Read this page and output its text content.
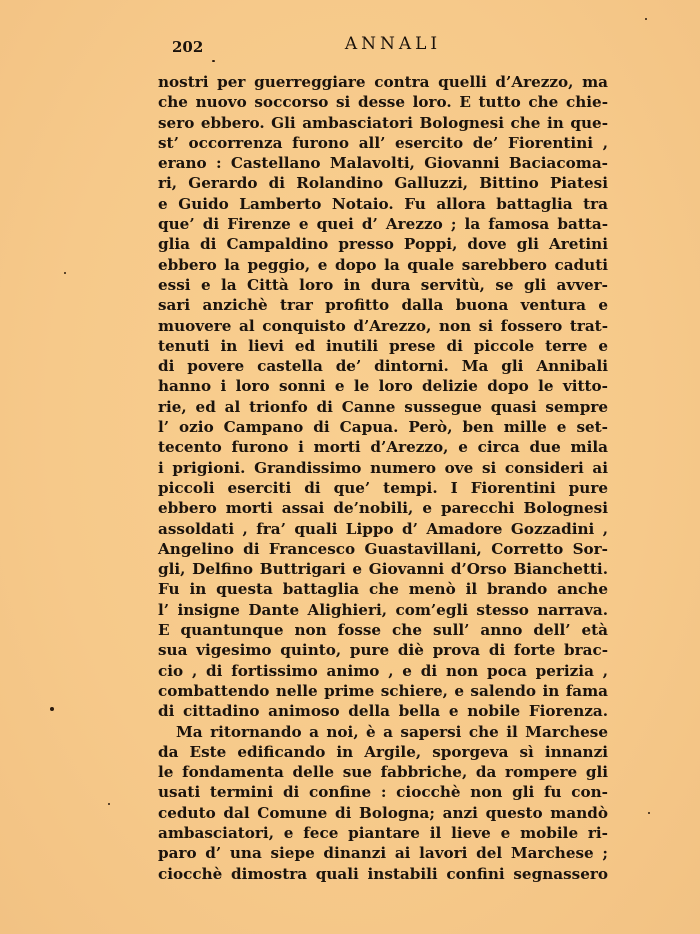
202	ANNALI
nostri per guerreggiare contra quelli d’Arezzo, ma
che nuovo soccorso si desse loro. E tutto che chie-
sero ebbero. Gli ambasciatori Bolognesi che in que-
st’ occorrenza furono all’ esercito de’ Fiorentini ,
erano : Castellano Malavolti, Giovanni Baciacoma-
ri, Gerardo di Rolandino Galluzzi, Bittino Piatesi
e Guido Lamberto Notaio. Fu allora battaglia tra
que’ di Firenze e quei d’ Arezzo ; la famosa batta-
glia di Campaldino presso Poppi, dove gli Aretini
ebbero la peggio, e dopo la quale sarebbero caduti
essi e la Città loro in dura servitù, se gli avver-
sari anzichè trar profitto dalla buona ventura e
muovere al conquisto d’Arezzo, non si fossero trat-
tenuti in lievi ed inutili prese di piccole terre e
di povere castella de’ dintorni. Ma gli Annibali
hanno i loro sonni e le loro delizie dopo le vitto-
rie, ed al trionfo di Canne sussegue quasi sempre
l’ ozio Campano di Capua. Però, ben mille e set-
tecento furono i morti d’Arezzo, e circa due mila
i prigioni. Grandissimo numero ove si consideri ai
piccoli eserciti di que’ tempi. I Fiorentini pure
ebbero morti assai de’nobili, e parecchi Bolognesi
assoldati , fra’ quali Lippo d’ Amadore Gozzadini ,
Angelino di Francesco Guastavillani, Corretto Sor-
gli, Delfino Buttrigari e Giovanni d’Orso Bianchetti.
Fu in questa battaglia che menò il brando anche
l’ insigne Dante Alighieri, com’egli stesso narrava.
E quantunque non fosse che sull’ anno dell’ età
sua vigesimo quinto, pure diè prova di forte brac-
cio , di fortissimo animo , e di non poca perizia ,
combattendo nelle prime schiere, e salendo in fama
di cittadino animoso della bella e nobile Fiorenza.
Ma ritornando a noi, è a sapersi che il Marchese
da Este edificando in Argile, sporgeva sì innanzi
le fondamenta delle sue fabbriche, da rompere gli
usati termini di confine : ciocchè non gli fu con-
ceduto dal Comune di Bologna; anzi questo mandò
ambasciatori, e fece piantare il lieve e mobile ri-
paro d’ una siepe dinanzi ai lavori del Marchese ;
ciocchè dimostra quali instabili confini segnassero
